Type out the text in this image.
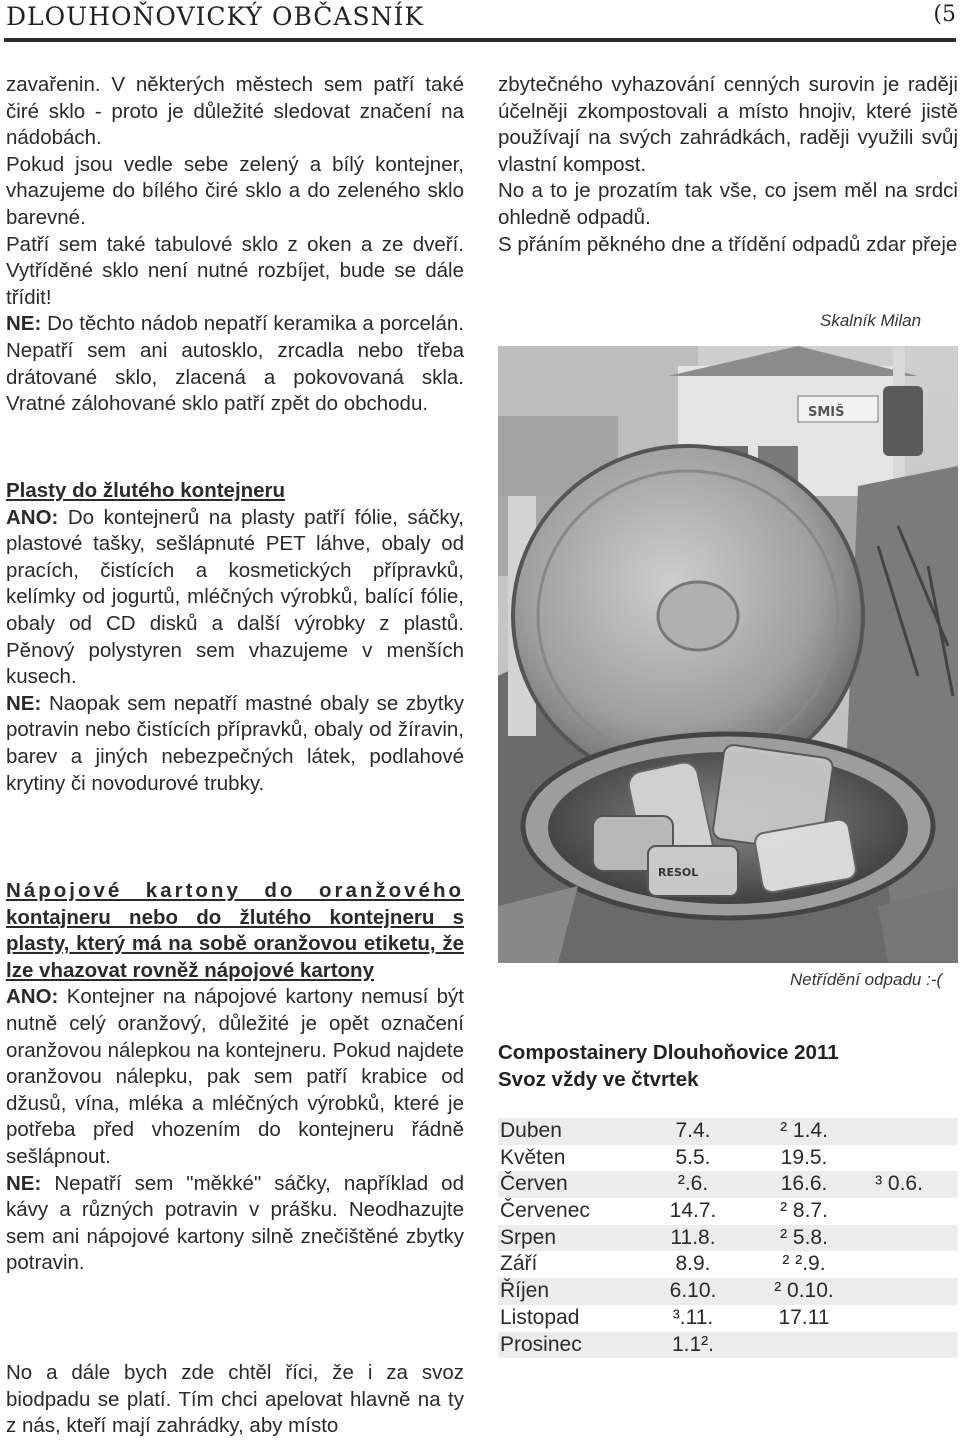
DLOUHOŇOVICKÝ OBČASNÍK	(5

zavařenin. V některých městech sem patří také čiré sklo - proto je důležité sledovat značení na nádobách.

Pokud jsou vedle sebe zelený a bílý kontejner, vhazujeme do bílého čiré sklo a do zeleného sklo barevné.

Patří sem také tabulové sklo z oken a ze dveří. Vytříděné sklo není nutné rozbíjet, bude se dále třídit!

NE: Do těchto nádob nepatří keramika a porcelán. Nepatří sem ani autosklo, zrcadla nebo třeba drátované sklo, zlacená a pokovovaná skla. Vratné zálohované sklo patří zpět do obchodu.

Plasty do žlutého kontejneru

ANO: Do kontejnerů na plasty patří fólie, sáčky, plastové tašky, sešlápnuté PET láhve, obaly od pracích, čistících a kosmetických přípravků, kelímky od jogurtů, mléčných výrobků, balící fólie, obaly od CD disků a další výrobky z plastů. Pěnový polystyren sem vhazujeme v menších kusech.

NE: Naopak sem nepatří mastné obaly se zbytky potravin nebo čistících přípravků, obaly od žíravin, barev a jiných nebezpečných látek, podlahové krytiny či novodurové trubky.

Nápojové kartony do oranžového kontajneru nebo do žlutého kontejneru s plasty, který má na sobě oranžovou etiketu, že lze vhazovat rovněž nápojové kartony

ANO: Kontejner na nápojové kartony nemusí být nutně celý oranžový, důležité je opět označení oranžovou nálepkou na kontejneru. Pokud najdete oranžovou nálepku, pak sem patří krabice od džusů, vína, mléka a mléčných výrobků, které je potřeba před vhozením do kontejneru řádně sešlápnout.

NE: Nepatří sem "měkké" sáčky, například od kávy a různých potravin v prášku. Neodhazujte sem ani nápojové kartony silně znečištěné zbytky potravin.

No a dále bych zde chtěl říci, že i za svoz biodpadu se platí. Tím chci apelovat hlavně na ty z nás, kteří mají zahrádky, aby místo

zbytečného vyhazování cenných surovin je raději účelněji zkompostovali a místo hnojiv, které jistě používají na svých zahrádkách, raději využili svůj vlastní kompost.

No a to je prozatím tak vše, co jsem měl na srdci ohledně odpadů.

S přáním pěkného dne a třídění odpadů zdar přeje

Skalník Milan
SMIŠ
RESOL
Netřídění odpadu :-(
Compostainery Dlouhoňovice 2011
Svoz vždy ve čtvrtek
Duben	7.4.	² 1.4.
Květen	5.5.	19.5.
Červen	².6.	16.6.	³ 0.6.
Červenec	14.7.	² 8.7.
Srpen	11.8.	² 5.8.
Září	8.9.	² ².9.
Říjen	6.10.	² 0.10.
Listopad	³.11.	17.11
Prosinec	1.1².
